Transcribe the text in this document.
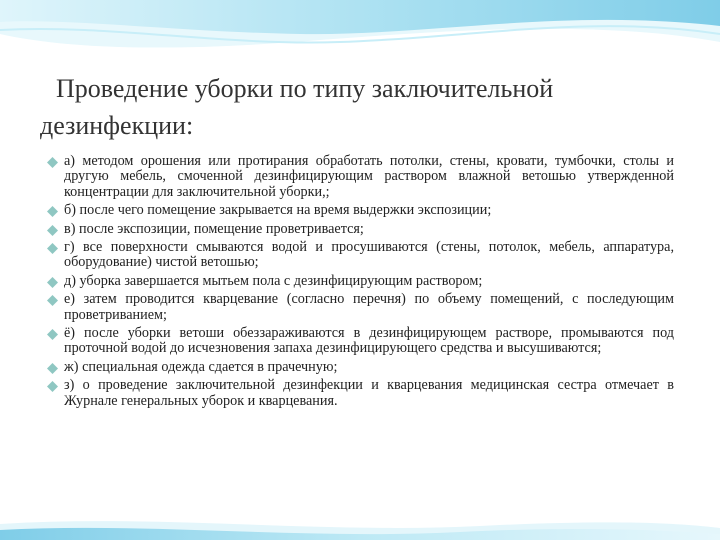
Проведение уборки по типу заключительной дезинфекции:
а) методом орошения или протирания обработать потолки, стены, кровати, тумбочки, столы и другую мебель, смоченной дезинфицирующим раствором влажной ветошью утвержденной концентрации для заключительной уборки,;
б) после чего помещение закрывается на время выдержки экспозиции;
в) после экспозиции, помещение проветривается;
г) все поверхности смываются водой и просушиваются (стены, потолок, мебель, аппаратура, оборудование) чистой ветошью;
д) уборка завершается мытьем пола с дезинфицирующим раствором;
е) затем проводится кварцевание (согласно перечня) по объему помещений, с последующим проветриванием;
ё) после уборки ветоши обеззараживаются в дезинфицирующем растворе, промываются под проточной водой до исчезновения запаха дезинфицирующего средства и высушиваются;
ж) специальная одежда сдается в прачечную;
з) о проведение заключительной дезинфекции и кварцевания медицинская сестра отмечает в Журнале генеральных уборок и кварцевания.
